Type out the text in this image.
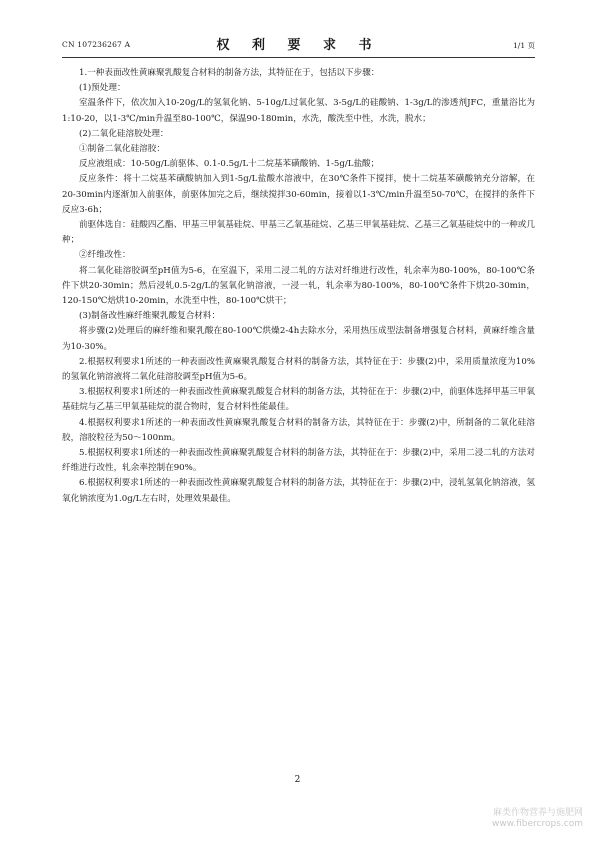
CN 107236267 A	权 利 要 求 书	1/1 页

1.一种表面改性黄麻聚乳酸复合材料的制备方法，其特征在于，包括以下步骤：

(1)预处理：

室温条件下，依次加入10-20g/L的氢氧化钠、5-10g/L过氧化氢、3-5g/L的硅酸钠、1-3g/L的渗透剂JFC，重量浴比为1:10-20，以1-3℃/min升温至80-100℃，保温90-180min，水洗，酸洗至中性，水洗，脱水；

(2)二氧化硅溶胶处理：

①制备二氧化硅溶胶：

反应液组成：10-50g/L前驱体、0.1-0.5g/L十二烷基苯磺酸钠、1-5g/L盐酸；

反应条件：将十二烷基苯磺酸钠加入到1-5g/L盐酸水溶液中，在30℃条件下搅拌，使十二烷基苯磺酸钠充分溶解，在20-30min内逐渐加入前驱体，前驱体加完之后，继续搅拌30-60min，接着以1-3℃/min升温至50-70℃，在搅拌的条件下反应3-6h；

前驱体选自：硅酸四乙酯、甲基三甲氧基硅烷、甲基三乙氧基硅烷、乙基三甲氧基硅烷、乙基三乙氧基硅烷中的一种或几种；

②纤维改性：

将二氧化硅溶胶调至pH值为5-6，在室温下，采用二浸二轧的方法对纤维进行改性，轧余率为80-100%，80-100℃条件下烘20-30min；然后浸轧0.5-2g/L的氢氧化钠溶液，一浸一轧，轧余率为80-100%，80-100℃条件下烘20-30min，120-150℃焙烘10-20min，水洗至中性，80-100℃烘干；

(3)制备改性麻纤维聚乳酸复合材料：

将步骤(2)处理后的麻纤维和聚乳酸在80-100℃烘燥2-4h去除水分，采用热压成型法制备增强复合材料，黄麻纤维含量为10-30%。

2.根据权利要求1所述的一种表面改性黄麻聚乳酸复合材料的制备方法，其特征在于：步骤(2)中，采用质量浓度为10%的氢氧化钠溶液将二氧化硅溶胶调至pH值为5-6。

3.根据权利要求1所述的一种表面改性黄麻聚乳酸复合材料的制备方法，其特征在于：步骤(2)中，前驱体选择甲基三甲氧基硅烷与乙基三甲氧基硅烷的混合物时，复合材料性能最佳。

4.根据权利要求1所述的一种表面改性黄麻聚乳酸复合材料的制备方法，其特征在于：步骤(2)中，所制备的二氧化硅溶胶，溶胶粒径为50～100nm。

5.根据权利要求1所述的一种表面改性黄麻聚乳酸复合材料的制备方法，其特征在于：步骤(2)中，采用二浸二轧的方法对纤维进行改性，轧余率控制在90%。

6.根据权利要求1所述的一种表面改性黄麻聚乳酸复合材料的制备方法，其特征在于：步骤(2)中，浸轧氢氧化钠溶液，氢氧化钠浓度为1.0g/L左右时，处理效果最佳。

2
麻类作物营养与施肥网
www.fibercrops.com
